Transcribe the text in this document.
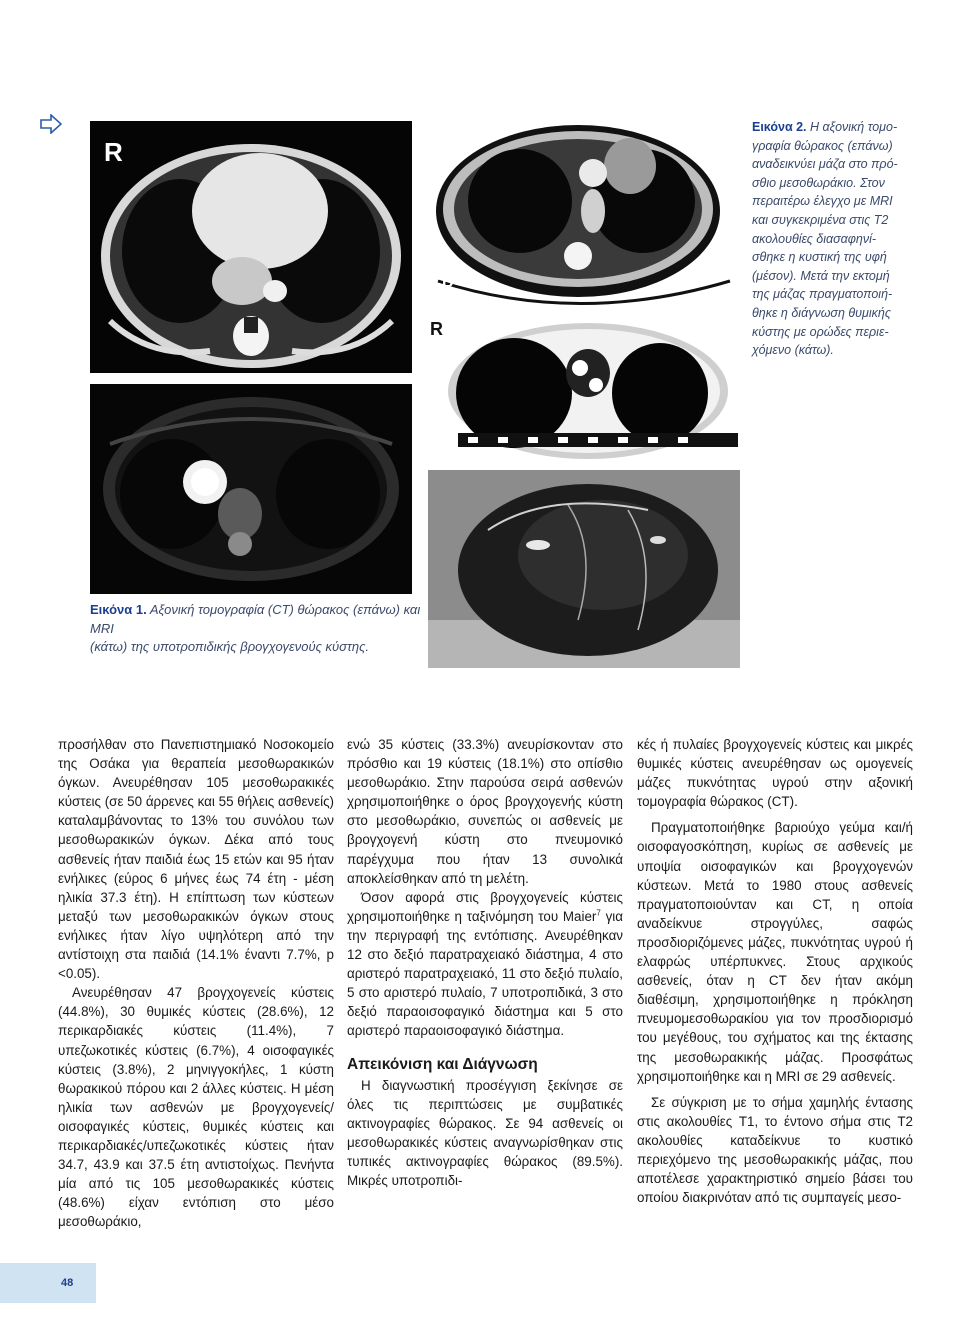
R
R
R
Εικόνα 2. Η αξονική τομο-
γραφία θώρακος (επάνω)
αναδεικνύει μάζα στο πρό-
σθιο μεσοθωράκιο. Στον
περαιτέρω έλεγχο με MRI
και συγκεκριμένα στις T2
ακολουθίες διασαφηνί-
σθηκε η κυστική της υφή
(μέσον). Μετά την εκτομή
της μάζας πραγματοποιή-
θηκε η διάγνωση θυμικής
κύστης με ορώδες περιε-
χόμενο (κάτω).
Εικόνα 1. Αξονική τομογραφία (CT) θώρακος (επάνω) και MRI
(κάτω) της υποτροπιδικής βρογχογενούς κύστης.

προσήλθαν στο Πανεπιστημιακό Νοσοκομείο της Οσάκα για θεραπεία μεσοθωρακικών όγκων. Ανευρέθησαν 105 μεσοθωρακικές κύστεις (σε 50 άρρενες και 55 θήλεις ασθενείς) καταλαμβάνοντας το 13% του συνόλου των μεσοθωρακικών όγκων. Δέκα από τους ασθενείς ήταν παιδιά έως 15 ετών και 95 ήταν ενήλικες (εύρος 6 μήνες έως 74 έτη - μέση ηλικία 37.3 έτη). Η επίπτωση των κύστεων μεταξύ των μεσοθωρακικών όγκων στους ενήλικες ήταν λίγο υψηλότερη από την αντίστοιχη στα παιδιά (14.1% έναντι 7.7%, p <0.05).

Ανευρέθησαν 47 βρογχογενείς κύστεις (44.8%), 30 θυμικές κύστεις (28.6%), 12 περικαρδιακές κύστεις (11.4%), 7 υπεζωκοτικές κύστεις (6.7%), 4 οισοφαγικές κύστεις (3.8%), 2 μηνιγγοκήλες, 1 κύστη θωρακικού πόρου και 2 άλλες κύστεις. Η μέση ηλικία των ασθενών με βρογχογενείς/οισοφαγικές κύστεις, θυμικές κύστεις και περικαρδιακές/υπεζωκοτικές κύστεις ήταν 34.7, 43.9 και 37.5 έτη αντιστοίχως. Πενήντα μία από τις 105 μεσοθωρακικές κύστεις (48.6%) είχαν εντόπιση στο μέσο μεσοθωράκιο,

ενώ 35 κύστεις (33.3%) ανευρίσκονταν στο πρόσθιο και 19 κύστεις (18.1%) στο οπίσθιο μεσοθωράκιο. Στην παρούσα σειρά ασθενών χρησιμοποιήθηκε ο όρος βρογχογενής κύστη στο μεσοθωράκιο, συνεπώς οι ασθενείς με βρογχογενή κύστη στο πνευμονικό παρέγχυμα που ήταν 13 συνολικά αποκλείσθηκαν από τη μελέτη.

Όσον αφορά στις βρογχογενείς κύστεις χρησιμοποιήθηκε η ταξινόμηση του Maier$^7$ για την περιγραφή της εντόπισης. Ανευρέθηκαν 12 στο δεξιό παρατραχειακό διάστημα, 4 στο αριστερό παρατραχειακό, 11 στο δεξιό πυλαίο, 5 στο αριστερό πυλαίο, 7 υποτροπιδικά, 3 στο δεξιό παραοισοφαγικό διάστημα και 5 στο αριστερό παραοισοφαγικό διάστημα.

Απεικόνιση και Διάγνωση

Η διαγνωστική προσέγγιση ξεκίνησε σε όλες τις περιπτώσεις με συμβατικές ακτινογραφίες θώρακος. Σε 94 ασθενείς οι μεσοθωρακικές κύστεις αναγνωρίσθηκαν στις τυπικές ακτινογραφίες θώρακος (89.5%). Μικρές υποτροπιδι-

κές ή πυλαίες βρογχογενείς κύστεις και μικρές θυμικές κύστεις ανευρέθησαν ως ομογενείς μάζες πυκνότητας υγρού στην αξονική τομογραφία θώρακος (CT).

Πραγματοποιήθηκε βαριούχο γεύμα και/ή οισοφαγοσκόπηση, κυρίως σε ασθενείς με υποψία οισοφαγικών και βρογχογενών κύστεων. Μετά το 1980 στους ασθενείς πραγματοποιούνταν και CT, η οποία αναδείκνυε στρογγύλες, σαφώς προσδιοριζόμενες μάζες, πυκνότητας υγρού ή ελαφρώς υπέρπυκνες. Στους αρχικούς ασθενείς, όταν η CT δεν ήταν ακόμη διαθέσιμη, χρησιμοποιήθηκε η πρόκληση πνευμομεσοθωρακίου για τον προσδιορισμό του μεγέθους, του σχήματος και της έκτασης της μεσοθωρακικής μάζας. Προσφάτως χρησιμοποιήθηκε και η MRI σε 29 ασθενείς.

Σε σύγκριση με το σήμα χαμηλής έντασης στις ακολουθίες T1, το έντονο σήμα στις T2 ακολουθίες καταδείκνυε το κυστικό περιεχόμενο της μεσοθωρακικής μάζας, που αποτέλεσε χαρακτηριστικό σημείο βάσει του οποίου διακρινόταν από τις συμπαγείς μεσο-

48
